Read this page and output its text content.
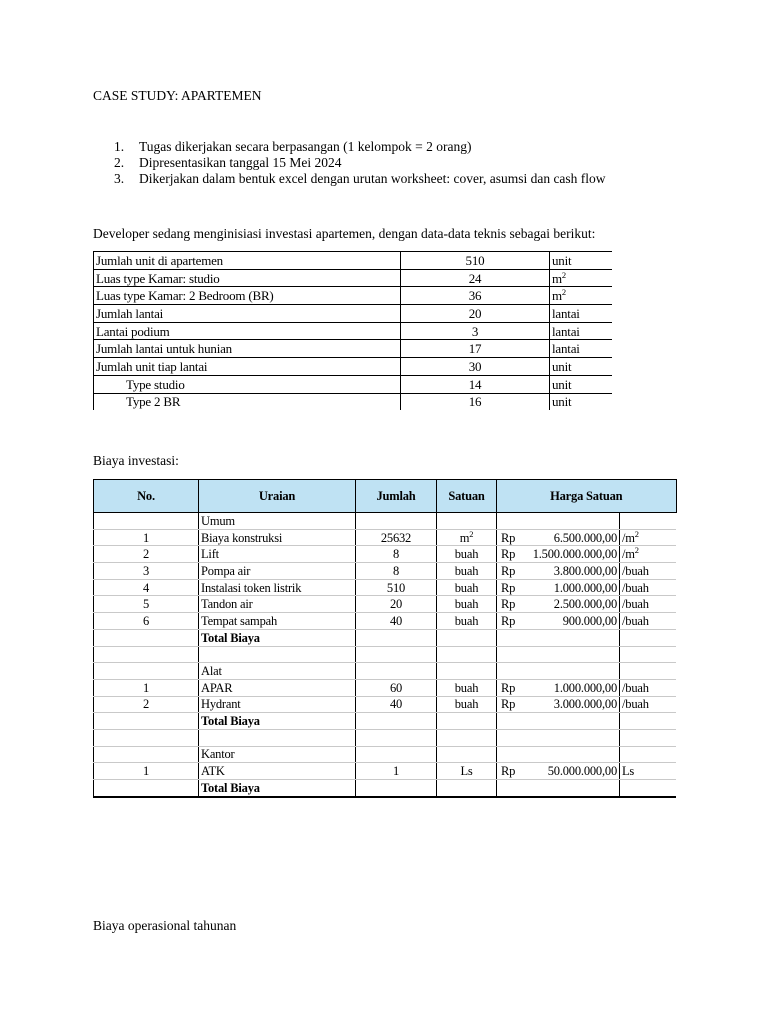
CASE STUDY: APARTEMEN
1. Tugas dikerjakan secara berpasangan (1 kelompok = 2 orang)
2. Dipresentasikan tanggal 15 Mei 2024
3. Dikerjakan dalam bentuk excel dengan urutan worksheet: cover, asumsi dan cash flow
Developer sedang menginisiasi investasi apartemen, dengan data-data teknis sebagai berikut:
Jumlah unit di apartemen	510	unit
Luas type Kamar: studio	24	$m^2$
Luas type Kamar: 2 Bedroom (BR)	36	$m^2$
Jumlah lantai	20	lantai
Lantai podium	3	lantai
Jumlah lantai untuk hunian	17	lantai
Jumlah unit tiap lantai	30	unit
Type studio	14	unit
Type 2 BR	16	unit
Biaya investasi:
No.	Uraian	Jumlah	Satuan	Harga Satuan	
	Umum			

1	Biaya konstruksi	25632	$m^2$	Rp 6.500.000,00	$/m^2$
2	Lift	8	buah	Rp 1.500.000.000,00	$/m^2$
3	Pompa air	8	buah	Rp 3.800.000,00	/buah
4	Instalasi token listrik	510	buah	Rp 1.000.000,00	/buah
5	Tandon air	20	buah	Rp 2.500.000,00	/buah
6	Tempat sampah	40	buah	Rp 900.000,00	/buah
	Total Biaya			

	Alat			

1	APAR	60	buah	Rp 1.000.000,00	/buah
2	Hydrant	40	buah	Rp 3.000.000,00	/buah
	Total Biaya			

	Kantor			

1	ATK	1	Ls	Rp 50.000.000,00	Ls
	Total Biaya			

Biaya operasional tahunan
